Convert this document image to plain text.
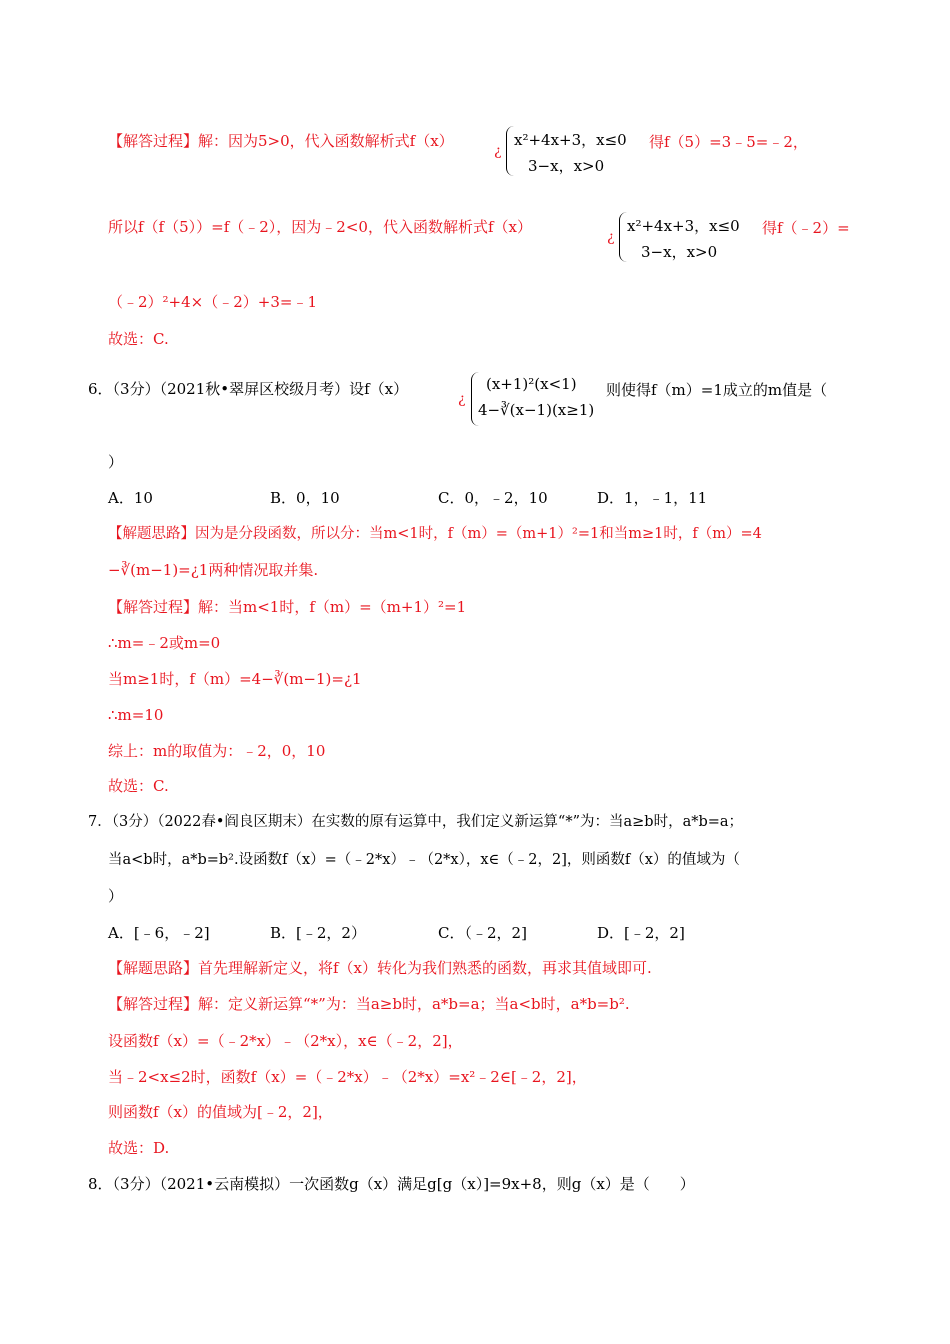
【解答过程】解：因为5>0，代入函数解析式f（x）
¿
x²+4x+3，x≤0
3−x，x>0
得f（5）=3﹣5=﹣2，
所以f（f（5））=f（﹣2），因为﹣2<0，代入函数解析式f（x）
¿
x²+4x+3，x≤0
3−x，x>0
得f（﹣2）=
（﹣2）²+4×（﹣2）+3=﹣1
故选：C.
6．（3分）（2021秋•翠屏区校级月考）设f（x）
¿
(x+1)²(x<1)
4−∛(x−1)(x≥1)
则使得f（m）=1成立的m值是（
）
A．10	B．0，10	C．0，﹣2，10	D．1，﹣1，11
【解题思路】因为是分段函数，所以分：当m<1时，f（m）=（m+1）²=1和当m≥1时，f（m）=4
−∛(m−1)=¿1两种情况取并集.
【解答过程】解：当m<1时，f（m）=（m+1）²=1
∴m=﹣2或m=0
当m≥1时，f（m）=4−∛(m−1)=¿1
∴m=10
综上：m的取值为：﹣2，0，10
故选：C.
7．（3分）（2022春•阎良区期末）在实数的原有运算中，我们定义新运算“*”为：当a≥b时，a*b=a；
当a<b时，a*b=b².设函数f（x）=（﹣2*x）﹣（2*x），x∈（﹣2，2]，则函数f（x）的值域为（
）
A．[﹣6，﹣2]	B．[﹣2，2）	C．（﹣2，2]	D．[﹣2，2]
【解题思路】首先理解新定义，将f（x）转化为我们熟悉的函数，再求其值域即可.
【解答过程】解：定义新运算“*”为：当a≥b时，a*b=a；当a<b时，a*b=b².
设函数f（x）=（﹣2*x）﹣（2*x），x∈（﹣2，2]，
当﹣2<x≤2时，函数f（x）=（﹣2*x）﹣（2*x）=x²﹣2∈[﹣2，2]，
则函数f（x）的值域为[﹣2，2]，
故选：D.
8．（3分）（2021•云南模拟）一次函数g（x）满足g[g（x）]=9x+8，则g（x）是（　　）
